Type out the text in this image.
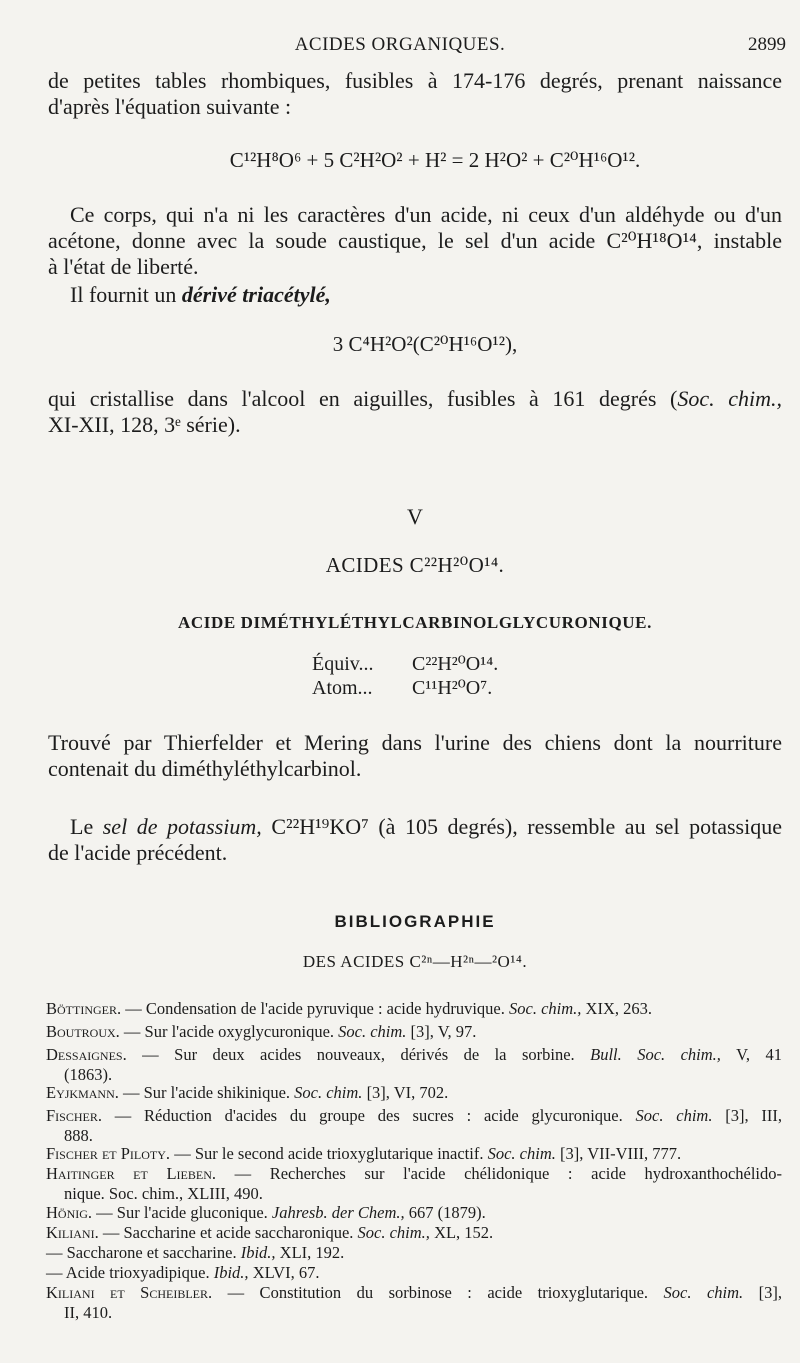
ACIDES ORGANIQUES.	2899
de petites tables rhombiques, fusibles à 174-176 degrés, prenant naissance
d'après l'équation suivante :
C¹²H⁸O⁶ + 5 C²H²O² + H² = 2 H²O² + C²⁰H¹⁶O¹².
Ce corps, qui n'a ni les caractères d'un acide, ni ceux d'un aldéhyde ou d'un
acétone, donne avec la soude caustique, le sel d'un acide C²⁰H¹⁸O¹⁴, instable
à l'état de liberté.
Il fournit un dérivé triacétylé,
3 C⁴H²O²(C²⁰H¹⁶O¹²),
qui cristallise dans l'alcool en aiguilles, fusibles à 161 degrés (Soc. chim.,
XI-XII, 128, 3ᵉ série).
V
ACIDES C²²H²⁰O¹⁴.
ACIDE DIMÉTHYLÉTHYLCARBINOLGLYCURONIQUE.
Équiv... C²²H²⁰O¹⁴.
Atom... C¹¹H²⁰O⁷.
Trouvé par Thierfelder et Mering dans l'urine des chiens dont la nourriture
contenait du diméthyléthylcarbinol.
Le sel de potassium, C²²H¹⁹KO⁷ (à 105 degrés), ressemble au sel potassique
de l'acide précédent.
BIBLIOGRAPHIE
DES ACIDES C²ⁿ—H²ⁿ—²O¹⁴.
Böttinger. — Condensation de l'acide pyruvique : acide hydruvique. Soc. chim., XIX, 263.
Boutroux. — Sur l'acide oxyglycuronique. Soc. chim. [3], V, 97.
Dessaignes. — Sur deux acides nouveaux, dérivés de la sorbine. Bull. Soc. chim., V, 41
(1863).
Eyjkmann. — Sur l'acide shikinique. Soc. chim. [3], VI, 702.
Fischer. — Réduction d'acides du groupe des sucres : acide glycuronique. Soc. chim. [3], III,
888.
Fischer et Piloty. — Sur le second acide trioxyglutarique inactif. Soc. chim. [3], VII-VIII, 777.
Haitinger et Lieben. — Recherches sur l'acide chélidonique : acide hydroxanthochélido-
nique. Soc. chim., XLIII, 490.
Hönig. — Sur l'acide gluconique. Jahresb. der Chem., 667 (1879).
Kiliani. — Saccharine et acide saccharonique. Soc. chim., XL, 152.
— Saccharone et saccharine. Ibid., XLI, 192.
— Acide trioxyadipique. Ibid., XLVI, 67.
Kiliani et Scheibler. — Constitution du sorbinose : acide trioxyglutarique. Soc. chim. [3],
II, 410.
